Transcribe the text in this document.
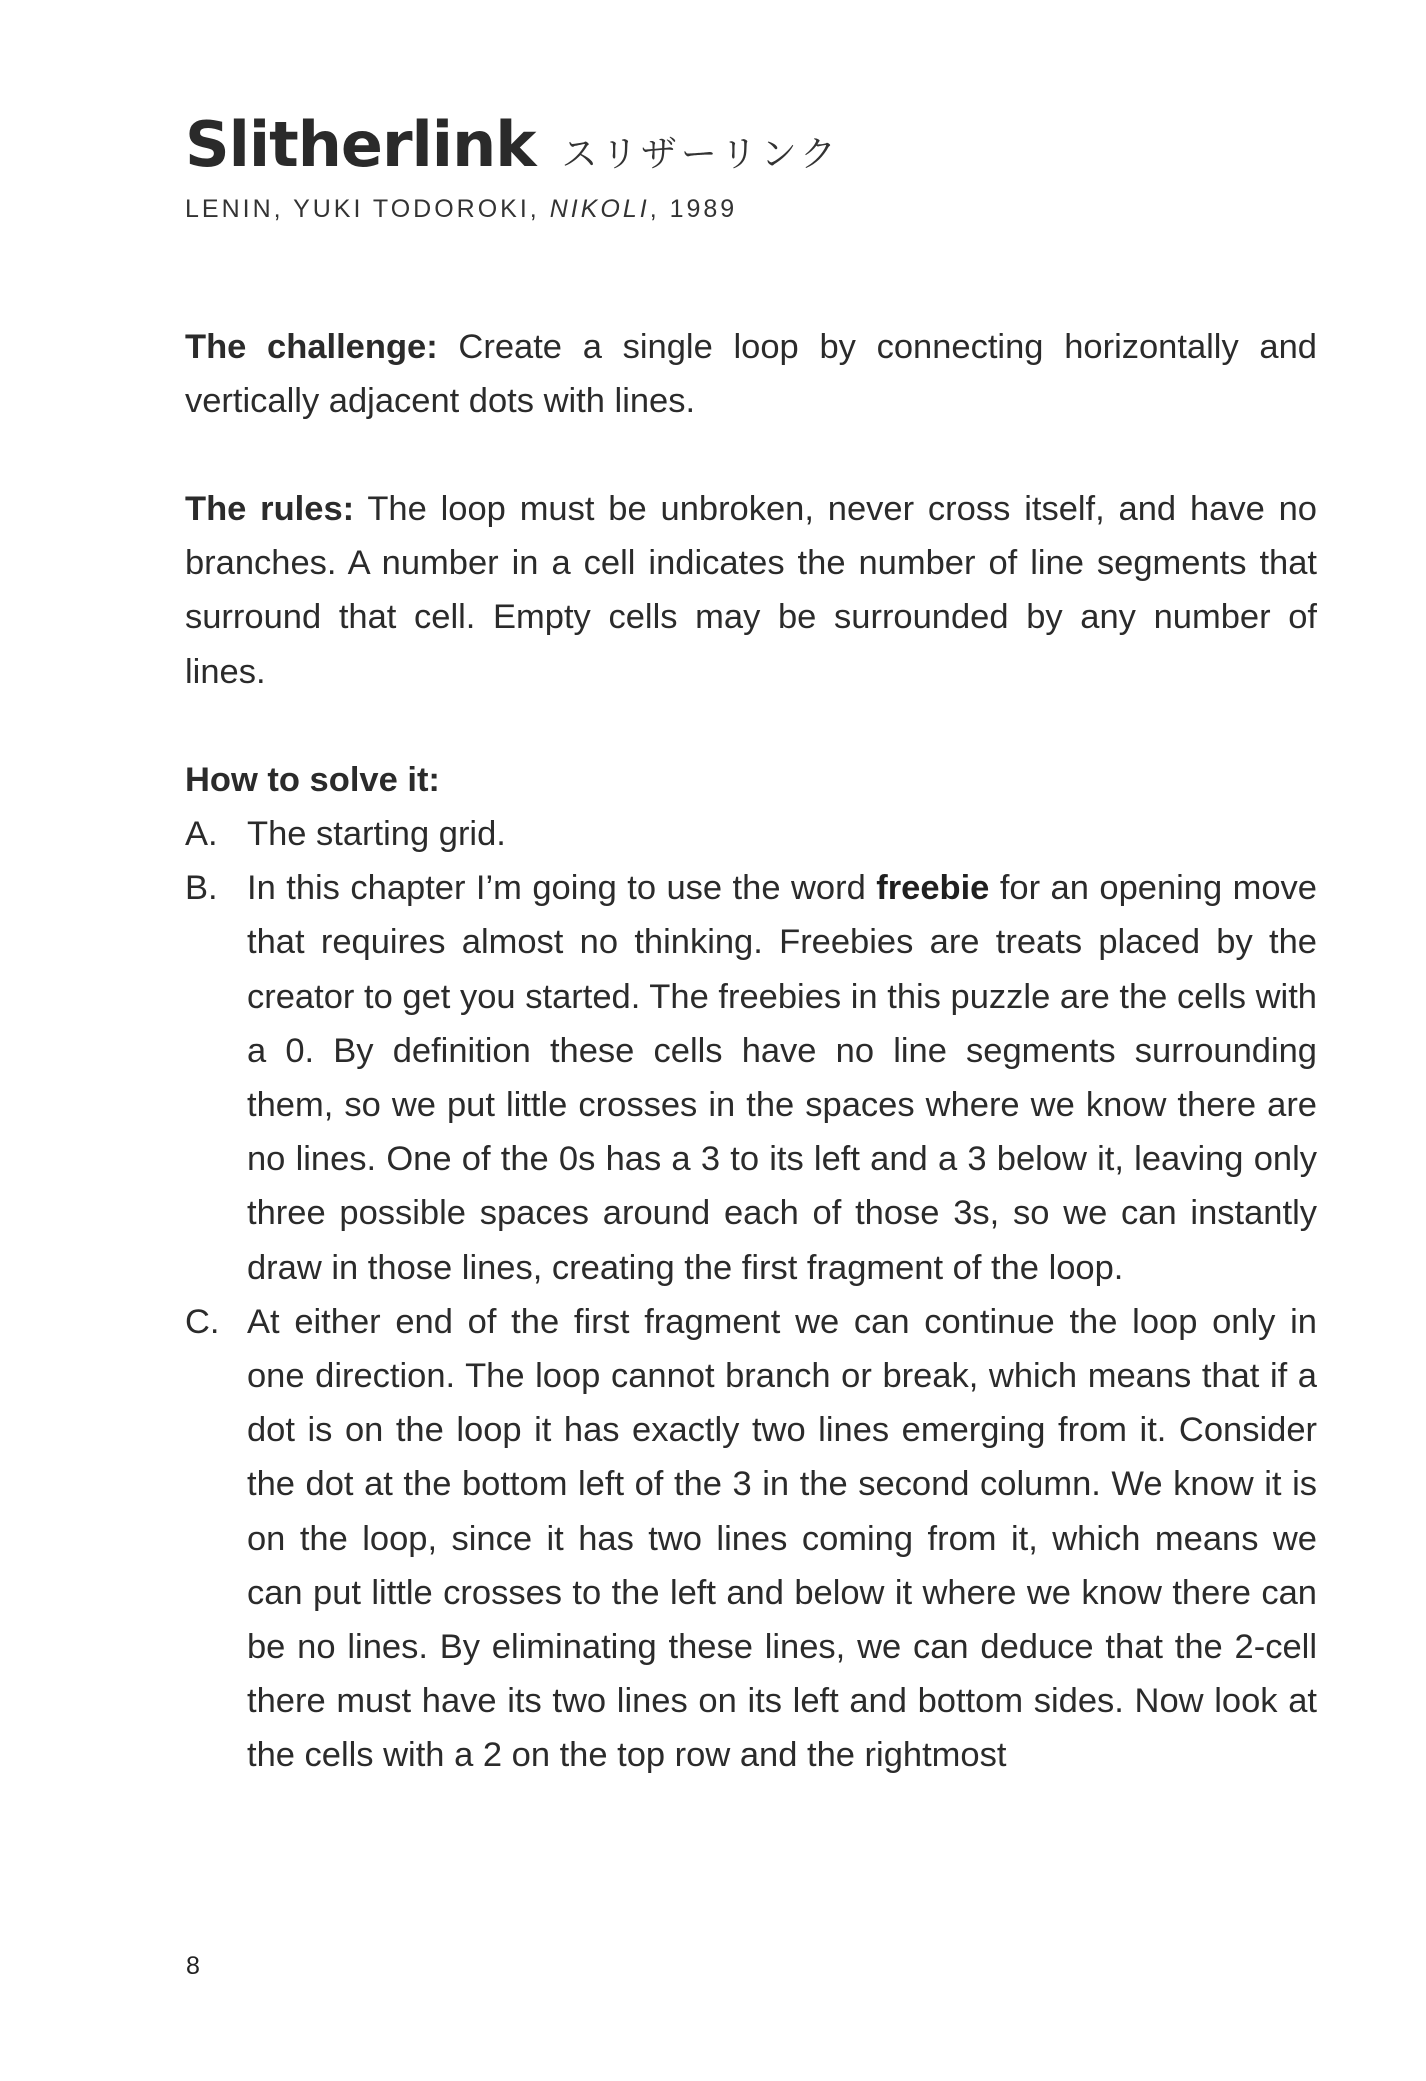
Slitherlink スリザーリンク
LENIN, YUKI TODOROKI, NIKOLI, 1989
The challenge: Create a single loop by connecting horizontally and vertically adjacent dots with lines.
The rules: The loop must be unbroken, never cross itself, and have no branches. A number in a cell indicates the number of line segments that surround that cell. Empty cells may be surrounded by any number of lines.
How to solve it:
A. The starting grid.
B. In this chapter I’m going to use the word freebie for an opening move that requires almost no thinking. Freebies are treats placed by the creator to get you started. The freebies in this puzzle are the cells with a 0. By definition these cells have no line segments surrounding them, so we put little crosses in the spaces where we know there are no lines. One of the 0s has a 3 to its left and a 3 below it, leaving only three possible spaces around each of those 3s, so we can instantly draw in those lines, creating the first fragment of the loop.
C. At either end of the first fragment we can continue the loop only in one direction. The loop cannot branch or break, which means that if a dot is on the loop it has exactly two lines emerging from it. Consider the dot at the bottom left of the 3 in the second column. We know it is on the loop, since it has two lines coming from it, which means we can put little crosses to the left and below it where we know there can be no lines. By eliminating these lines, we can deduce that the 2-cell there must have its two lines on its left and bottom sides. Now look at the cells with a 2 on the top row and the rightmost
8
